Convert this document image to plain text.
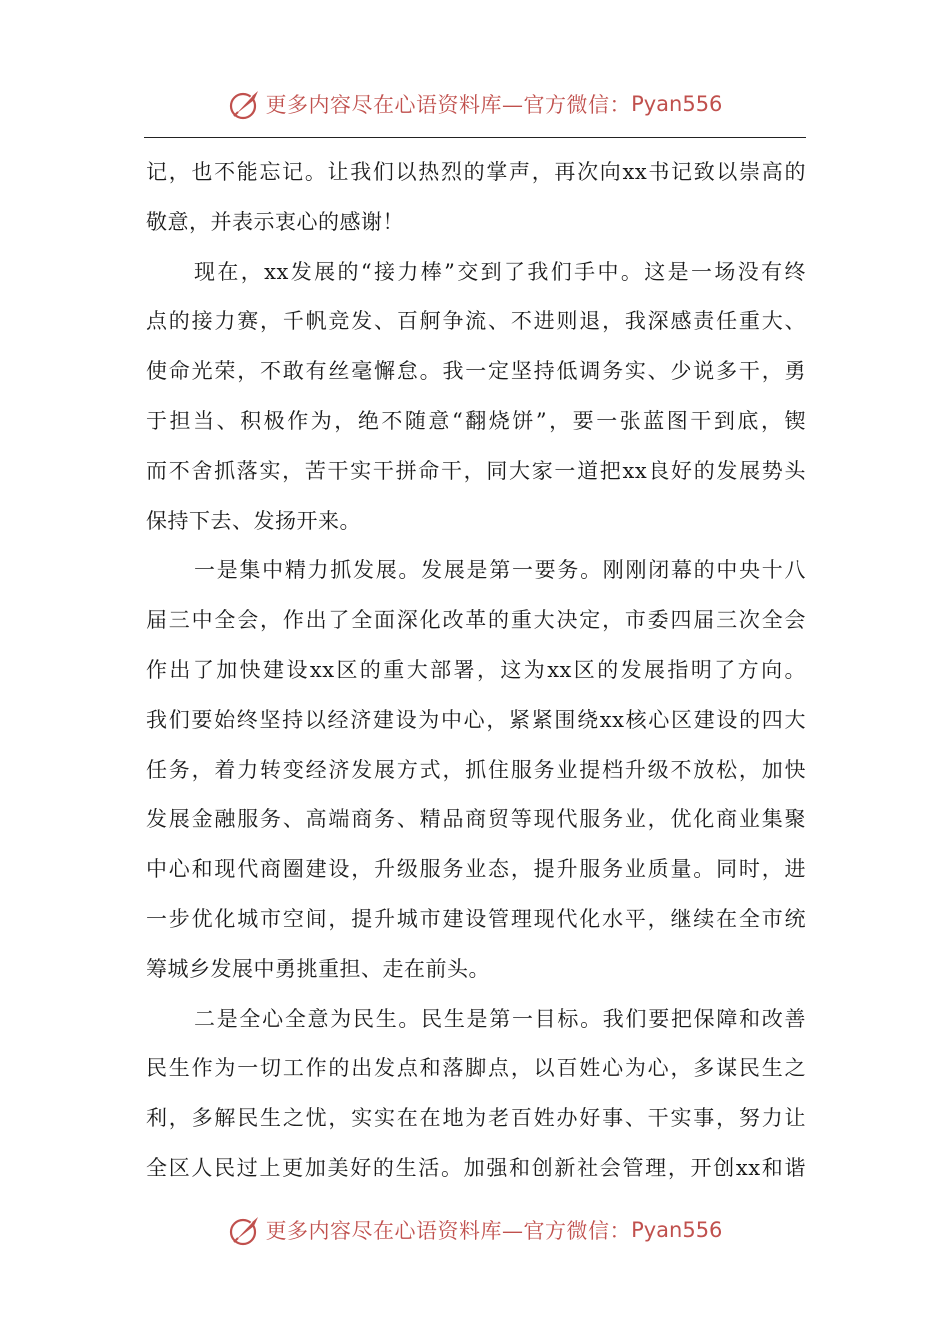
更多内容尽在心语资料库—官方微信： Pyan556
记，也不能忘记。让我们以热烈的掌声，再次向xx书记致以崇高的
敬意，并表示衷心的感谢！
现在，xx发展的“接力棒”交到了我们手中。这是一场没有终
点的接力赛，千帆竞发、百舸争流、不进则退，我深感责任重大、
使命光荣，不敢有丝毫懈怠。我一定坚持低调务实、少说多干，勇
于担当、积极作为，绝不随意“翻烧饼”，要一张蓝图干到底，锲
而不舍抓落实，苦干实干拼命干，同大家一道把xx良好的发展势头
保持下去、发扬开来。
一是集中精力抓发展。发展是第一要务。刚刚闭幕的中央十八
届三中全会，作出了全面深化改革的重大决定，市委四届三次全会
作出了加快建设xx区的重大部署，这为xx区的发展指明了方向。
我们要始终坚持以经济建设为中心，紧紧围绕xx核心区建设的四大
任务，着力转变经济发展方式，抓住服务业提档升级不放松，加快
发展金融服务、高端商务、精品商贸等现代服务业，优化商业集聚
中心和现代商圈建设，升级服务业态，提升服务业质量。同时，进
一步优化城市空间，提升城市建设管理现代化水平，继续在全市统
筹城乡发展中勇挑重担、走在前头。
二是全心全意为民生。民生是第一目标。我们要把保障和改善
民生作为一切工作的出发点和落脚点，以百姓心为心，多谋民生之
利，多解民生之忧，实实在在地为老百姓办好事、干实事，努力让
全区人民过上更加美好的生活。加强和创新社会管理，开创xx和谐
更多内容尽在心语资料库—官方微信： Pyan556
